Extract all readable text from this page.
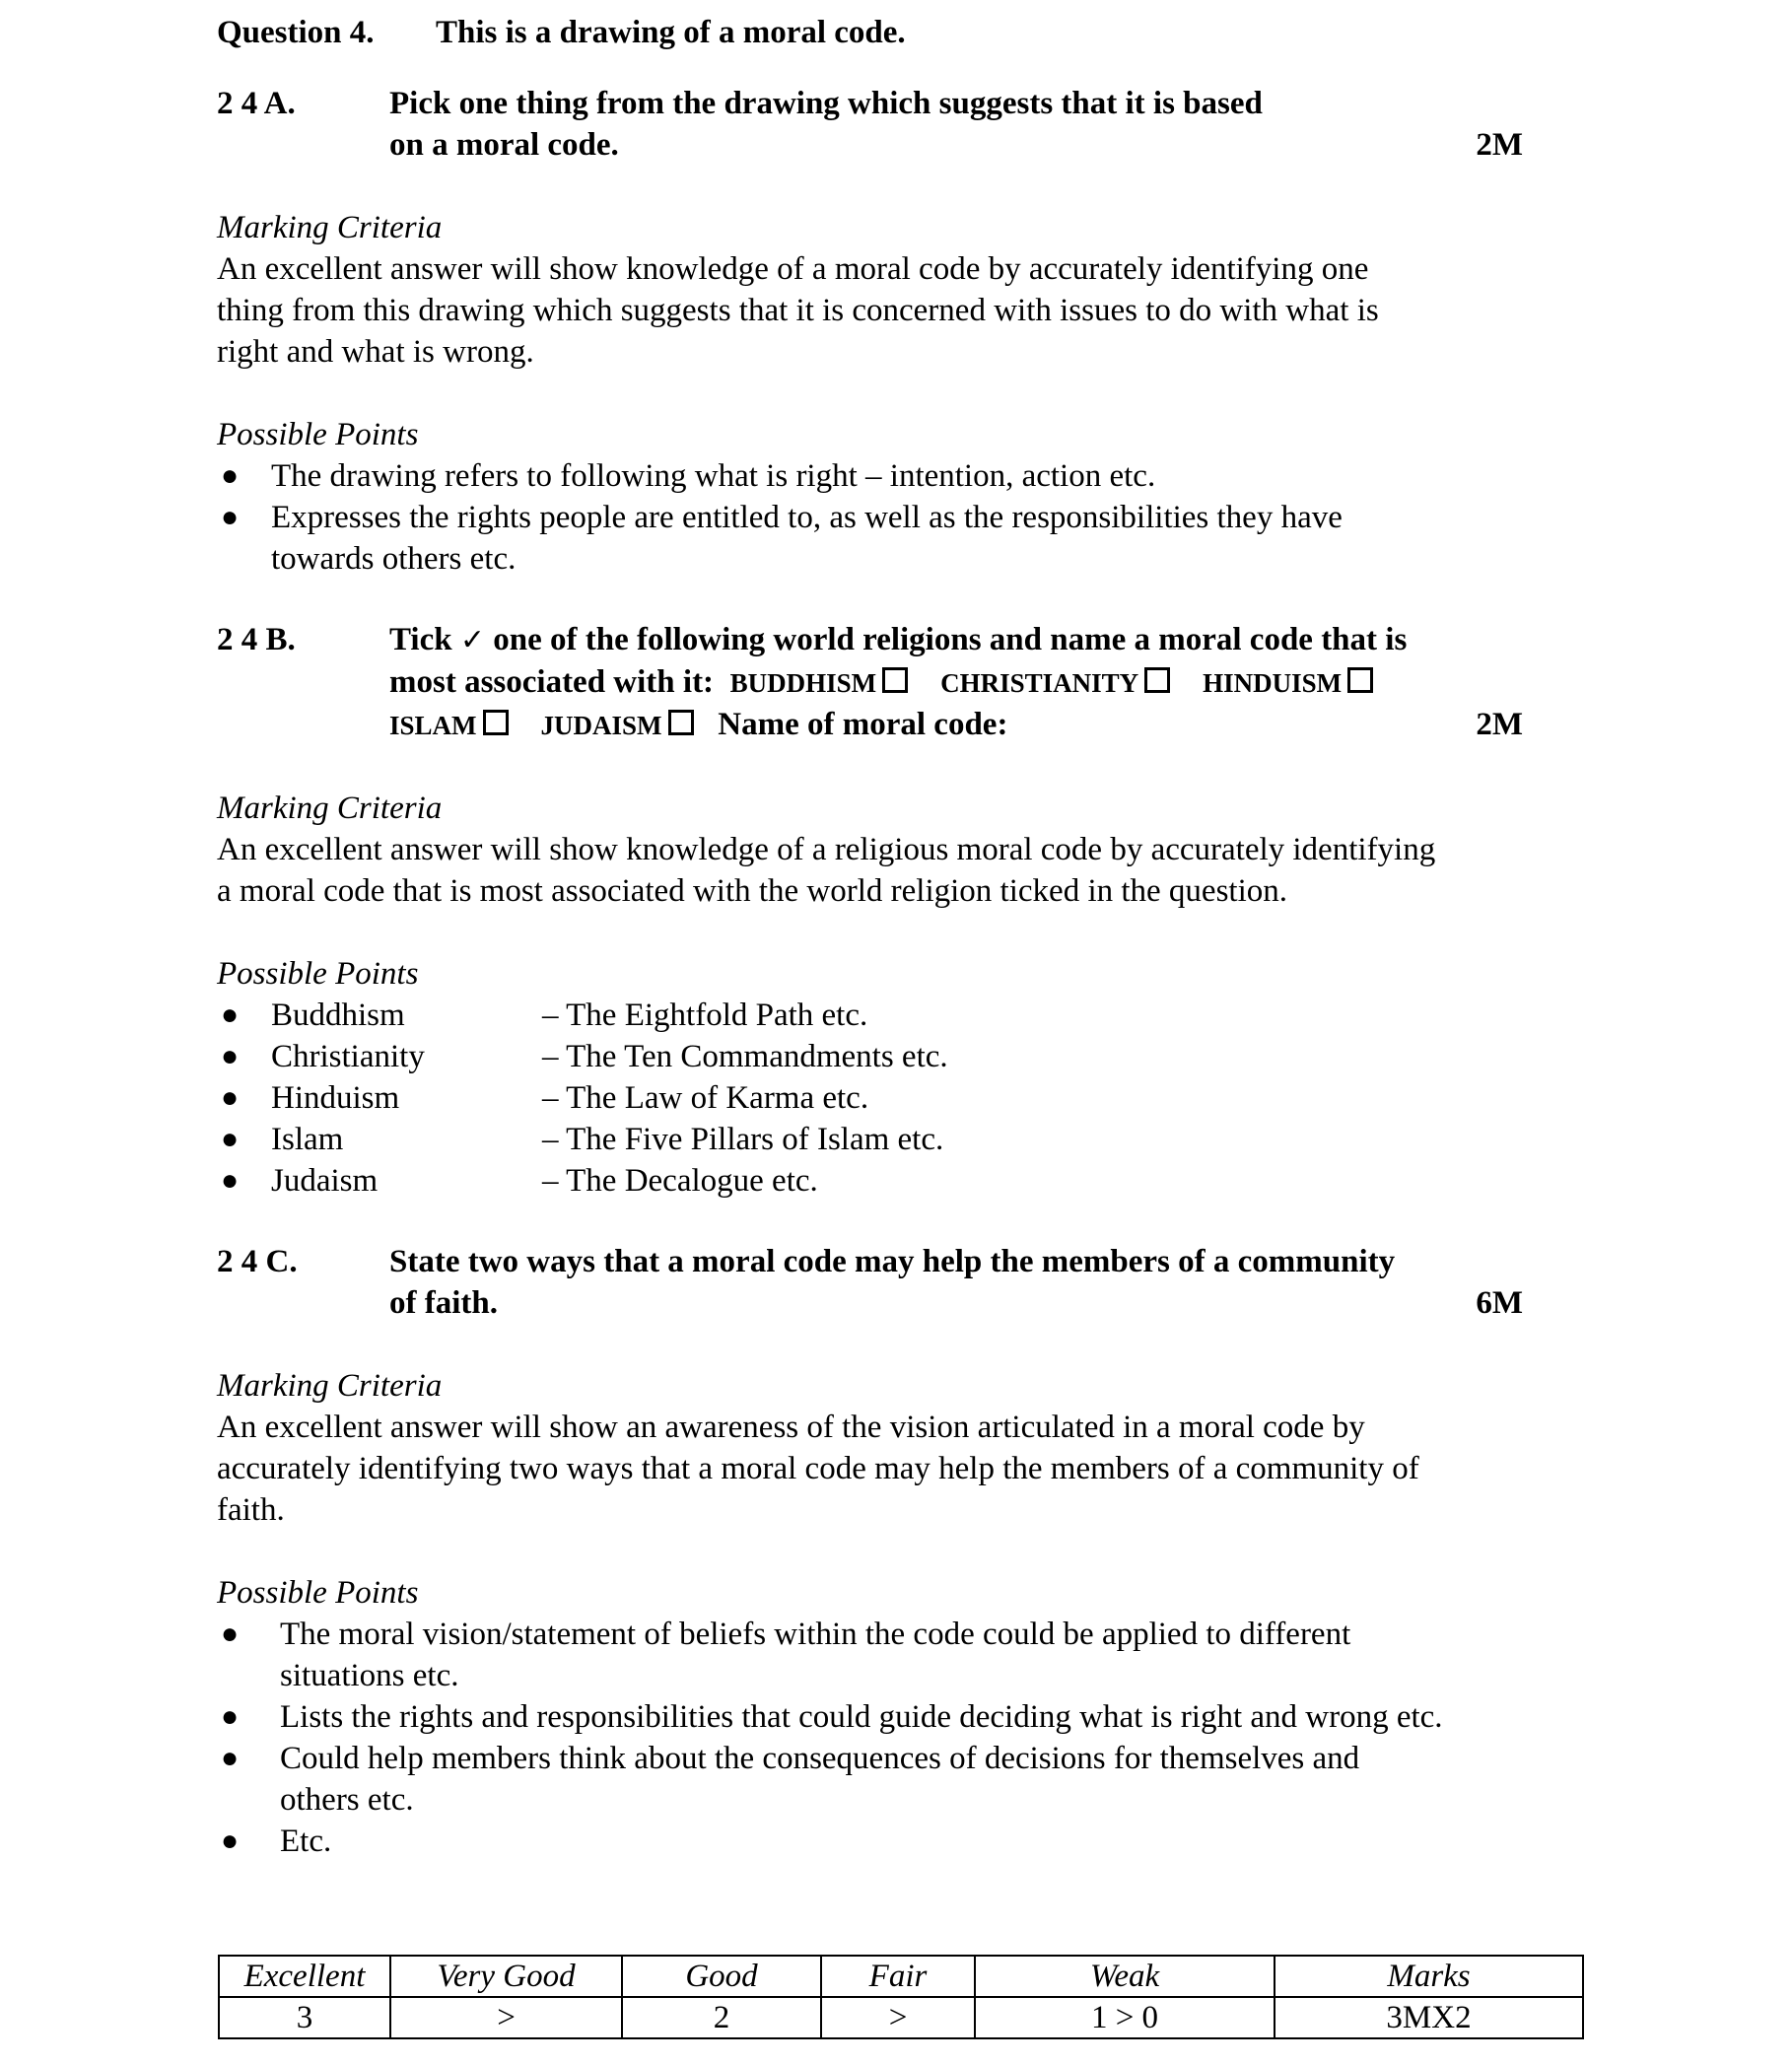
Question 4. This is a drawing of a moral code.
2 4 A.	Pick one thing from the drawing which suggests that it is based
on a moral code.	2M
Marking Criteria
An excellent answer will show knowledge of a moral code by accurately identifying one
thing from this drawing which suggests that it is concerned with issues to do with what is
right and what is wrong.
Possible Points
● The drawing refers to following what is right – intention, action etc.
● Expresses the rights people are entitled to, as well as the responsibilities they have
towards others etc.
2 4 B.	Tick ✓ one of the following world religions and name a moral code that is
most associated with it: BUDDHISM CHRISTIANITY HINDUISM
ISLAM JUDAISM Name of moral code:	2M
Marking Criteria
An excellent answer will show knowledge of a religious moral code by accurately identifying
a moral code that is most associated with the world religion ticked in the question.
Possible Points
● Buddhism	– The Eightfold Path etc.
● Christianity	– The Ten Commandments etc.
● Hinduism	– The Law of Karma etc.
● Islam	– The Five Pillars of Islam etc.
● Judaism	– The Decalogue etc.
2 4 C.	State two ways that a moral code may help the members of a community
of faith.	6M
Marking Criteria
An excellent answer will show an awareness of the vision articulated in a moral code by
accurately identifying two ways that a moral code may help the members of a community of
faith.
Possible Points
● The moral vision/statement of beliefs within the code could be applied to different
situations etc.
● Lists the rights and responsibilities that could guide deciding what is right and wrong etc.
● Could help members think about the consequences of decisions for themselves and
others etc.
● Etc.
Excellent	Very Good	Good	Fair	Weak	Marks
3	>	2	>	1 > 0	3MX2
